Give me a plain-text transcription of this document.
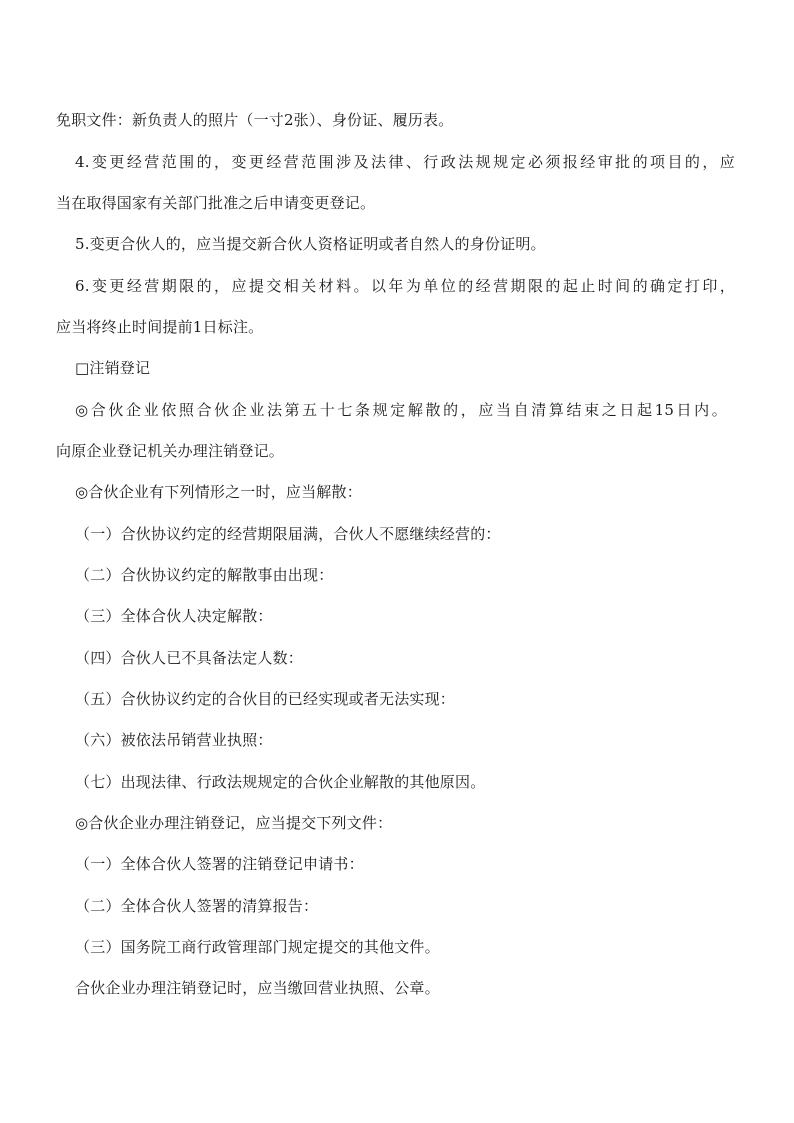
免职文件：新负责人的照片（一寸2张）、身份证、履历表。
4.变更经营范围的，变更经营范围涉及法律、行政法规规定必须报经审批的项目的，应
当在取得国家有关部门批准之后申请变更登记。
5.变更合伙人的，应当提交新合伙人资格证明或者自然人的身份证明。
6.变更经营期限的，应提交相关材料。以年为单位的经营期限的起止时间的确定打印，
应当将终止时间提前1日标注。
□注销登记
◎合伙企业依照合伙企业法第五十七条规定解散的，应当自清算结束之日起15日内。
向原企业登记机关办理注销登记。
◎合伙企业有下列情形之一时，应当解散：
（一）合伙协议约定的经营期限届满，合伙人不愿继续经营的：
（二）合伙协议约定的解散事由出现：
（三）全体合伙人决定解散：
（四）合伙人已不具备法定人数：
（五）合伙协议约定的合伙目的已经实现或者无法实现：
（六）被依法吊销营业执照：
（七）出现法律、行政法规规定的合伙企业解散的其他原因。
◎合伙企业办理注销登记，应当提交下列文件：
（一）全体合伙人签署的注销登记申请书：
（二）全体合伙人签署的清算报告：
（三）国务院工商行政管理部门规定提交的其他文件。
合伙企业办理注销登记时，应当缴回营业执照、公章。
